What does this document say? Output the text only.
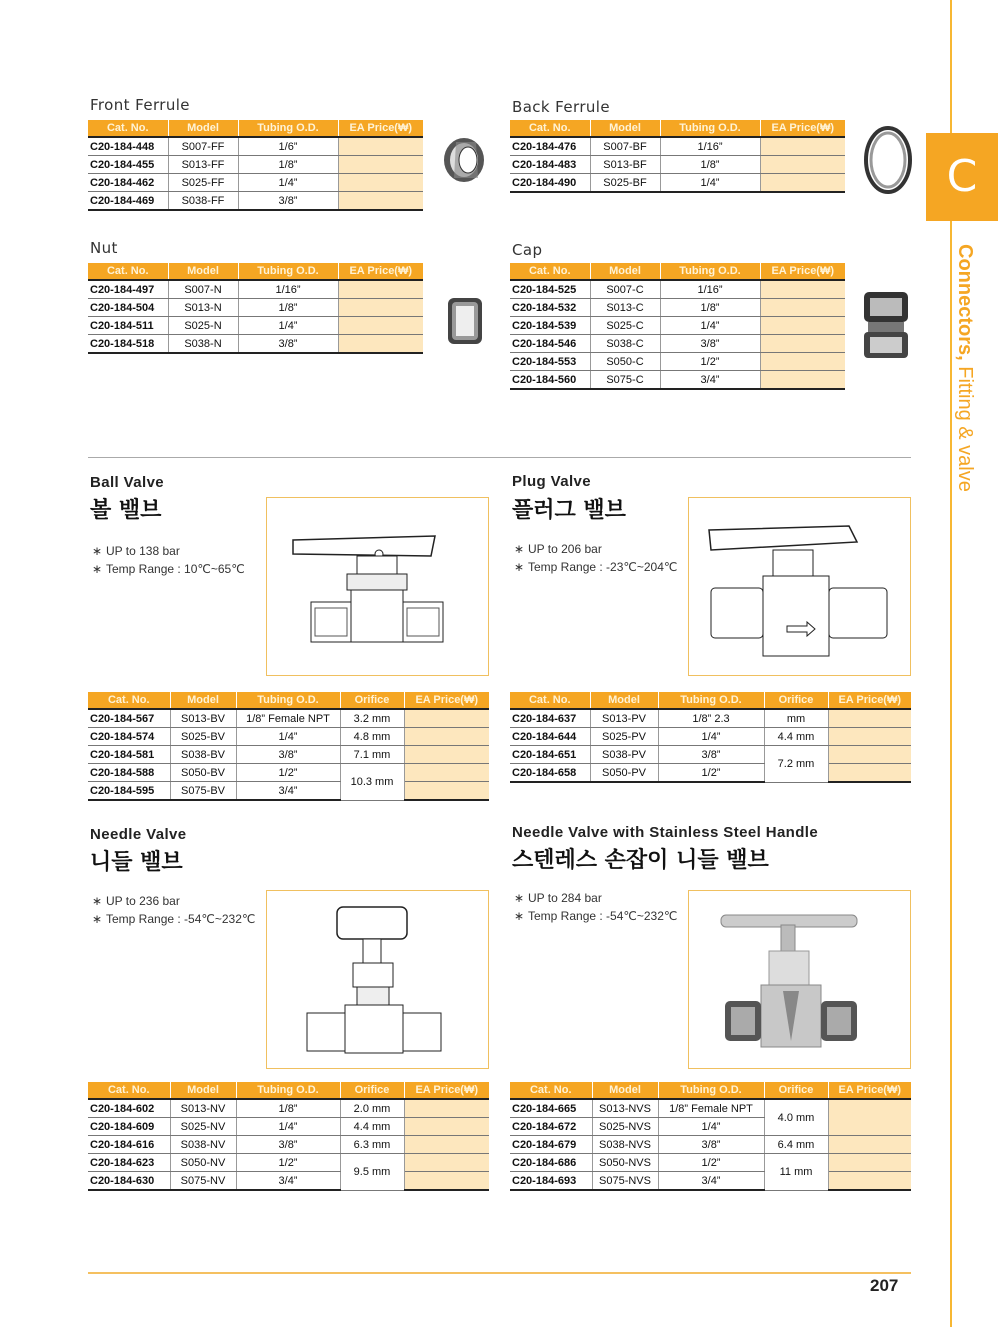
C
Connectors, Fitting & valve
Front Ferrule
Cat. No.	Model	Tubing O.D.	EA Price(₩)
C20-184-448	S007-FF	1/6”	
C20-184-455	S013-FF	1/8”	
C20-184-462	S025-FF	1/4”	
C20-184-469	S038-FF	3/8”	
Back Ferrule
Cat. No.	Model	Tubing O.D.	EA Price(₩)
C20-184-476	S007-BF	1/16”	
C20-184-483	S013-BF	1/8”	
C20-184-490	S025-BF	1/4”	
Nut
Cat. No.	Model	Tubing O.D.	EA Price(₩)
C20-184-497	S007-N	1/16”	
C20-184-504	S013-N	1/8”	
C20-184-511	S025-N	1/4”	
C20-184-518	S038-N	3/8”	
Cap
Cat. No.	Model	Tubing O.D.	EA Price(₩)
C20-184-525	S007-C	1/16”	
C20-184-532	S013-C	1/8”	
C20-184-539	S025-C	1/4”	
C20-184-546	S038-C	3/8”	
C20-184-553	S050-C	1/2”	
C20-184-560	S075-C	3/4”	
Ball Valve
볼 밸브
∗ UP to 138 bar
∗ Temp Range : 10℃~65℃
Cat. No.	Model	Tubing O.D.	Orifice	EA Price(₩)
C20-184-567	S013-BV	1/8” Female NPT	3.2 mm	
C20-184-574	S025-BV	1/4”	4.8 mm	
C20-184-581	S038-BV	3/8”	7.1 mm	
C20-184-588	S050-BV	1/2”	10.3 mm	
C20-184-595	S075-BV	3/4”		
Plug Valve
플러그 밸브
∗ UP to 206 bar
∗ Temp Range : -23℃~204℃
Cat. No.	Model	Tubing O.D.	Orifice	EA Price(₩)
C20-184-637	S013-PV	1/8” 2.3	mm	
C20-184-644	S025-PV	1/4”	4.4 mm	
C20-184-651	S038-PV	3/8”	7.2 mm	
C20-184-658	S050-PV	1/2”		
Needle Valve
니들 밸브
∗ UP to 236 bar
∗ Temp Range : -54℃~232℃
Cat. No.	Model	Tubing O.D.	Orifice	EA Price(₩)
C20-184-602	S013-NV	1/8”	2.0 mm	
C20-184-609	S025-NV	1/4”	4.4 mm	
C20-184-616	S038-NV	3/8”	6.3 mm	
C20-184-623	S050-NV	1/2”	9.5 mm	
C20-184-630	S075-NV	3/4”		
Needle Valve with Stainless Steel Handle
스텐레스 손잡이 니들 밸브
∗ UP to 284 bar
∗ Temp Range : -54℃~232℃
Cat. No.	Model	Tubing O.D.	Orifice	EA Price(₩)
C20-184-665	S013-NVS	1/8” Female NPT	4.0 mm	
C20-184-672	S025-NVS	1/4”		
C20-184-679	S038-NVS	3/8”	6.4 mm	
C20-184-686	S050-NVS	1/2”	11 mm	
C20-184-693	S075-NVS	3/4”		
207
